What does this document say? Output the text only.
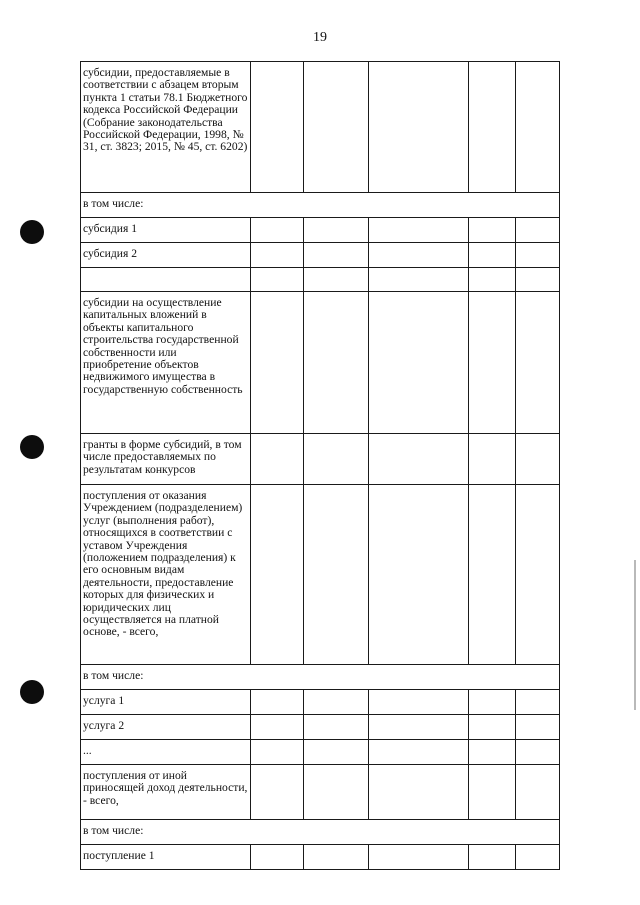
19
субсидии, предоставляемые в соответствии с абзацем вторым пункта 1 статьи 78.1 Бюджетного кодекса Российской Федерации (Собрание законодательства Российской Федерации, 1998, № 31, ст. 3823; 2015, № 45, ст. 6202)
в том числе:
субсидия 1
субсидия 2
субсидии на осуществление капитальных вложений в объекты капитального строительства государственной собственности или приобретение объектов недвижимого имущества в государственную собственность
гранты в форме субсидий, в том числе предоставляемых по результатам конкурсов
поступления от оказания Учреждением (подразделением) услуг (выполнения работ), относящихся в соответствии с уставом Учреждения (положением подразделения) к его основным видам деятельности, предоставление которых для физических и юридических лиц осуществляется на платной основе, - всего,
в том числе:
услуга 1
услуга 2
...
поступления от иной приносящей доход деятельности, - всего,
в том числе:
поступление 1
